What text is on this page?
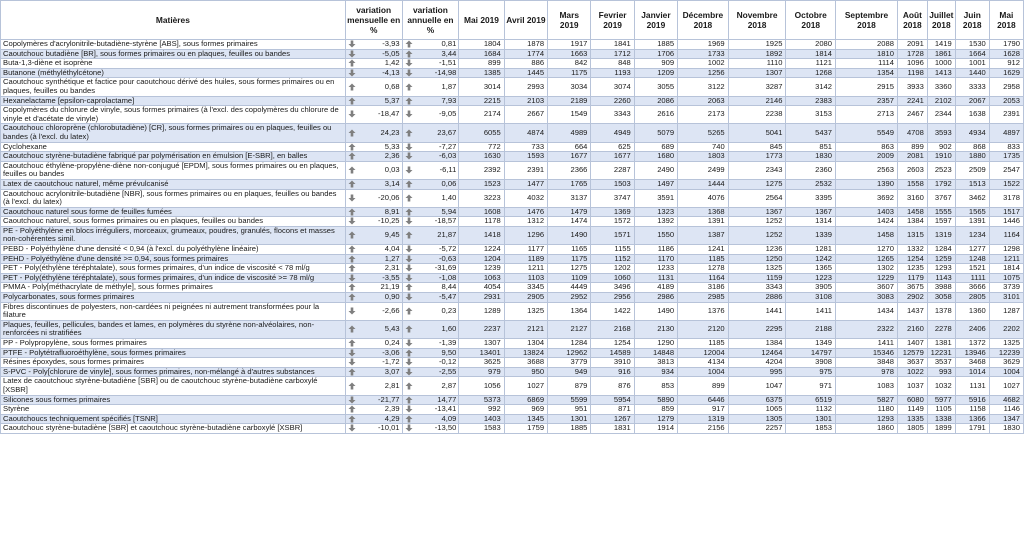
Matières	variation mensuelle en %	variation annuelle en %	Mai 2019	Avril 2019	Mars 2019	Fevrier 2019	Janvier 2019	Décembre 2018	Novembre 2018	Octobre 2018	Septembre 2018	Août 2018	Juillet 2018	Juin 2018	Mai 2018
Copolymères d'acrylonitrile-butadiène-styrène [ABS], sous formes primaires	-3,93	0,81	1804	1878	1917	1841	1885	1969	1925	2080	2088	2091	1419	1530	1790
Caoutchouc butadiène [BR], sous formes primaires ou en plaques, feuilles ou bandes	-5,05	3,44	1684	1774	1663	1712	1706	1733	1892	1814	1810	1728	1861	1664	1628
Buta-1,3-diène et isoprène	1,42	-1,51	899	886	842	848	909	1002	1110	1121	1114	1096	1000	1001	912
Butanone (méthyléthylcétone)	-4,13	-14,98	1385	1445	1175	1193	1209	1256	1307	1268	1354	1198	1413	1440	1629
Caoutchouc synthétique et factice pour caoutchouc dérivé des huiles, sous formes primaires ou en plaques, feuilles ou bandes	0,68	1,87	3014	2993	3034	3074	3055	3122	3287	3142	2915	3933	3360	3333	2958
Hexanelactame [epsilon-caprolactame]	5,37	7,93	2215	2103	2189	2260	2086	2063	2146	2383	2357	2241	2102	2067	2053
Copolymères du chlorure de vinyle, sous formes primaires (à l'excl. des copolymères du chlorure de vinyle et d'acétate de vinyle)	-18,47	-9,05	2174	2667	1549	3343	2616	2173	2238	3153	2713	2467	2344	1638	2391
Caoutchouc chloroprène (chlorobutadiène) [CR], sous formes primaires ou en plaques, feuilles ou bandes (à l'excl. du latex)	24,23	23,67	6055	4874	4989	4949	5079	5265	5041	5437	5549	4708	3593	4934	4897
Cyclohexane	5,33	-7,27	772	733	664	625	689	740	845	851	863	899	902	868	833
Caoutchouc styrène-butadiène fabriqué par polymérisation en émulsion [E-SBR], en balles	2,36	-6,03	1630	1593	1677	1677	1680	1803	1773	1830	2009	2081	1910	1880	1735
Caoutchouc éthylène-propylène-diène non-conjugué [EPDM], sous formes primaires ou en plaques, feuilles ou bandes	0,03	-6,11	2392	2391	2366	2287	2490	2499	2343	2360	2563	2603	2523	2509	2547
Latex de caoutchouc naturel, même prévulcanisé	3,14	0,06	1523	1477	1765	1503	1497	1444	1275	2532	1390	1558	1792	1513	1522
Caoutchouc acrylonitrile-butadiène [NBR], sous formes primaires ou en plaques, feuilles ou bandes (à l'excl. du latex)	-20,06	1,40	3223	4032	3137	3747	3591	4076	2564	3395	3692	3160	3767	3462	3178
Caoutchouc naturel sous forme de feuilles fumées	8,91	5,94	1608	1476	1479	1369	1323	1368	1367	1367	1403	1458	1555	1565	1517
Caoutchouc naturel, sous formes primaires ou en plaques, feuilles ou bandes	-10,25	-18,57	1178	1312	1474	1572	1392	1391	1252	1314	1424	1384	1597	1391	1446
PE - Polyéthylène en blocs irréguliers, morceaux, grumeaux, poudres, granulés, flocons et masses non-cohérentes simil.	9,45	21,87	1418	1296	1490	1571	1550	1387	1252	1339	1458	1315	1319	1234	1164
PEBD - Polyéthylène d'une densité < 0,94 (à l'excl. du polyéthylène linéaire)	4,04	-5,72	1224	1177	1165	1155	1186	1241	1236	1281	1270	1332	1284	1277	1298
PEHD - Polyéthylène d'une densité >= 0,94, sous formes primaires	1,27	-0,63	1204	1189	1175	1152	1170	1185	1250	1242	1265	1254	1259	1248	1211
PET - Poly(éthylène téréphtalate), sous formes primaires, d'un indice de viscosité < 78 ml/g	2,31	-31,69	1239	1211	1275	1202	1233	1278	1325	1365	1302	1235	1293	1521	1814
PET - Poly(éthylène téréphtalate), sous formes primaires, d'un indice de viscosité >= 78 ml/g	-3,55	-1,08	1063	1103	1109	1060	1131	1164	1159	1223	1229	1179	1143	1111	1075
PMMA - Poly[méthacrylate de méthyle], sous formes primaires	21,19	8,44	4054	3345	4449	3496	4189	3186	3343	3905	3607	3675	3988	3666	3739
Polycarbonates, sous formes primaires	0,90	-5,47	2931	2905	2952	2956	2986	2985	2886	3108	3083	2902	3058	2805	3101
Fibres discontinues de polyesters, non-cardées ni peignées ni autrement transformées pour la filature	-2,66	0,23	1289	1325	1364	1422	1490	1376	1441	1411	1434	1437	1378	1360	1287
Plaques, feuilles, pellicules, bandes et lames, en polymères du styrène non-alvéolaires, non-renforcées ni stratifiées	5,43	1,60	2237	2121	2127	2168	2130	2120	2295	2188	2322	2160	2278	2406	2202
PP - Polypropylène, sous formes primaires	0,24	-1,39	1307	1304	1284	1254	1290	1185	1384	1349	1411	1407	1381	1372	1325
PTFE - Polytétrafluoroéthylène, sous formes primaires	-3,06	9,50	13401	13824	12962	14589	14848	12004	12464	14797	15346	12579	12231	13946	12239
Résines époxydes, sous formes primaires	-1,72	-0,12	3625	3688	3779	3910	3813	4134	4204	3908	3848	3637	3537	3468	3629
S-PVC - Poly[chlorure de vinyle], sous formes primaires, non-mélangé à d'autres substances	3,07	-2,55	979	950	949	916	934	1004	995	975	978	1022	993	1014	1004
Latex de caoutchouc styrène-butadiène [SBR] ou de caoutchouc styrène-butadiène carboxylé [XSBR]	2,81	2,87	1056	1027	879	876	853	899	1047	971	1083	1037	1032	1131	1027
Silicones sous formes primaires	-21,77	14,77	5373	6869	5599	5954	5890	6446	6375	6519	5827	6080	5977	5916	4682
Styrène	2,39	-13,41	992	969	951	871	859	917	1065	1132	1180	1149	1105	1158	1146
Caoutchoucs techniquement spécifiés [TSNR]	4,29	4,09	1403	1345	1301	1267	1279	1319	1305	1301	1293	1335	1338	1366	1347
Caoutchouc styrène-butadiène [SBR] et caoutchouc styrène-butadiène carboxylé [XSBR]	-10,01	-13,50	1583	1759	1885	1831	1914	2156	2257	1853	1860	1805	1899	1791	1830
